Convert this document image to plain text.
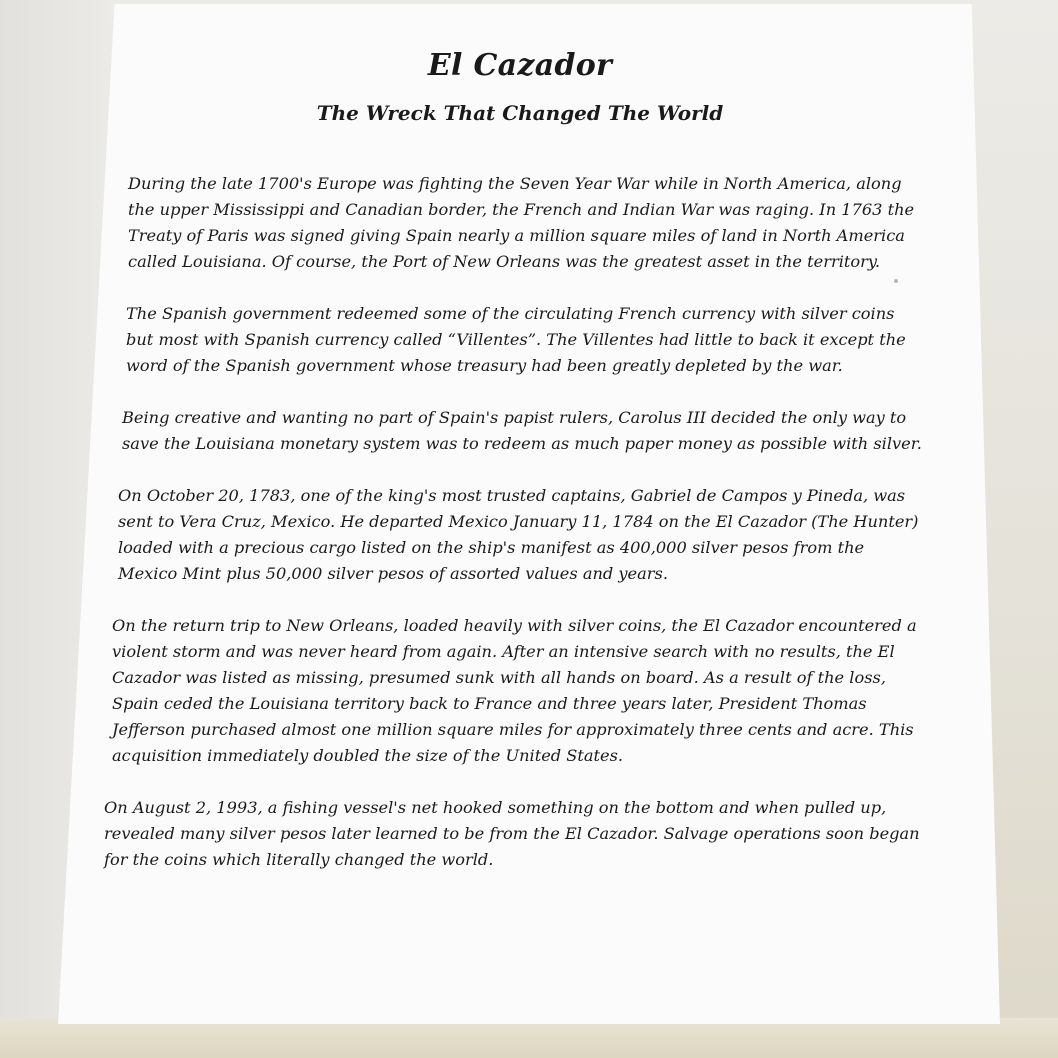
El Cazador
The Wreck That Changed The World

During the late 1700's Europe was fighting the Seven Year War while in North America, along the upper Mississippi and Canadian border, the French and Indian War was raging. In 1763 the Treaty of Paris was signed giving Spain nearly a million square miles of land in North America called Louisiana. Of course, the Port of New Orleans was the greatest asset in the territory.

The Spanish government redeemed some of the circulating French currency with silver coins but most with Spanish currency called “Villentes”. The Villentes had little to back it except the word of the Spanish government whose treasury had been greatly depleted by the war.

Being creative and wanting no part of Spain's papist rulers, Carolus III decided the only way to save the Louisiana monetary system was to redeem as much paper money as possible with silver.

On October 20, 1783, one of the king's most trusted captains, Gabriel de Campos y Pineda, was sent to Vera Cruz, Mexico. He departed Mexico January 11, 1784 on the El Cazador (The Hunter) loaded with a precious cargo listed on the ship's manifest as 400,000 silver pesos from the Mexico Mint plus 50,000 silver pesos of assorted values and years.

On the return trip to New Orleans, loaded heavily with silver coins, the El Cazador encountered a violent storm and was never heard from again. After an intensive search with no results, the El Cazador was listed as missing, presumed sunk with all hands on board. As a result of the loss, Spain ceded the Louisiana territory back to France and three years later, President Thomas Jefferson purchased almost one million square miles for approximately three cents and acre. This acquisition immediately doubled the size of the United States.

On August 2, 1993, a fishing vessel's net hooked something on the bottom and when pulled up, revealed many silver pesos later learned to be from the El Cazador. Salvage operations soon began for the coins which literally changed the world.
